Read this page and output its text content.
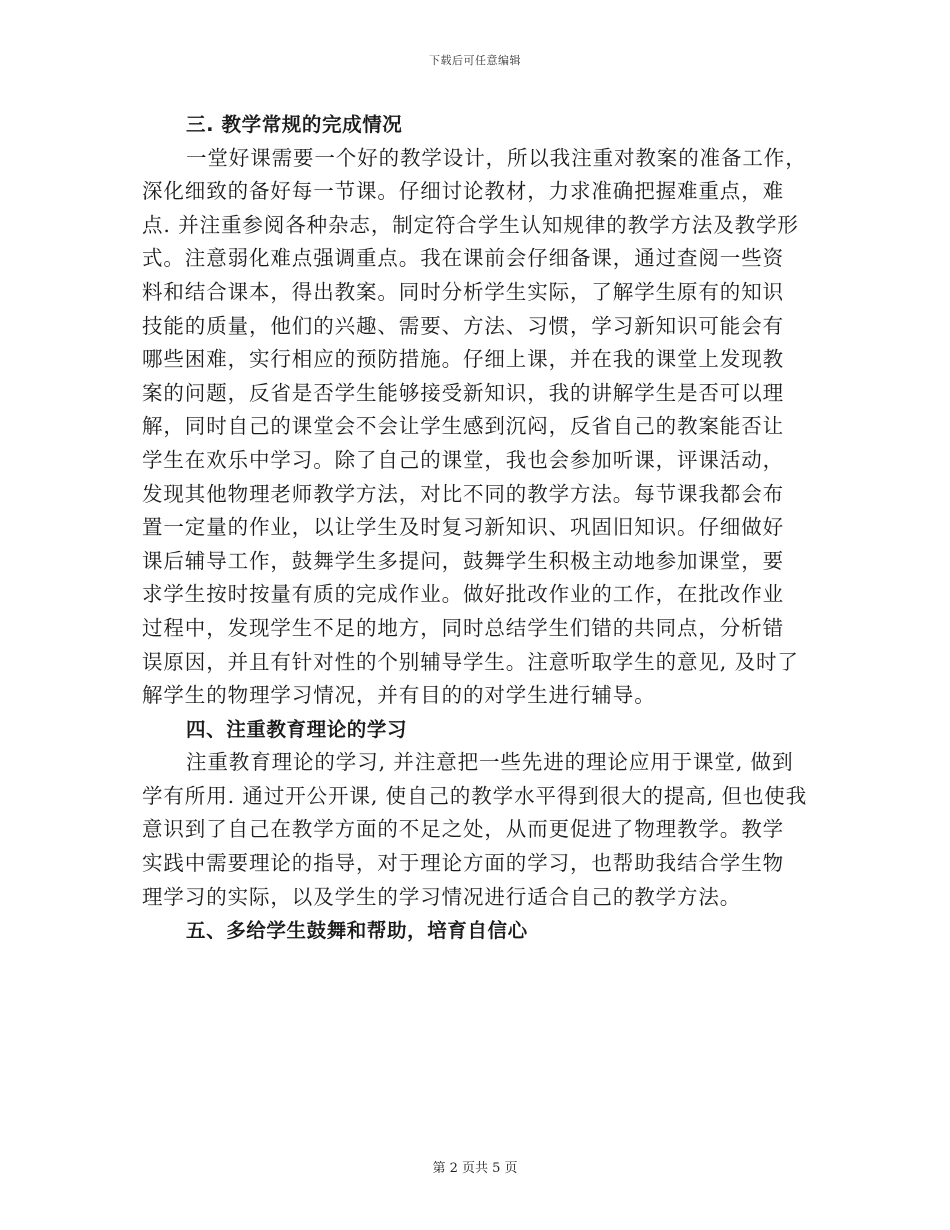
下载后可任意编辑
三. 教学常规的完成情况
一堂好课需要一个好的教学设计，所以我注重对教案的准备工作，
深化细致的备好每一节课。仔细讨论教材，力求准确把握难重点，难
点. 并注重参阅各种杂志，制定符合学生认知规律的教学方法及教学形
式。注意弱化难点强调重点。我在课前会仔细备课，通过查阅一些资
料和结合课本，得出教案。同时分析学生实际，了解学生原有的知识
技能的质量，他们的兴趣、需要、方法、习惯，学习新知识可能会有
哪些困难，实行相应的预防措施。仔细上课，并在我的课堂上发现教
案的问题，反省是否学生能够接受新知识，我的讲解学生是否可以理
解，同时自己的课堂会不会让学生感到沉闷，反省自己的教案能否让
学生在欢乐中学习。除了自己的课堂，我也会参加听课，评课活动，
发现其他物理老师教学方法，对比不同的教学方法。每节课我都会布
置一定量的作业，以让学生及时复习新知识、巩固旧知识。仔细做好
课后辅导工作，鼓舞学生多提问，鼓舞学生积极主动地参加课堂，要
求学生按时按量有质的完成作业。做好批改作业的工作，在批改作业
过程中，发现学生不足的地方，同时总结学生们错的共同点，分析错
误原因，并且有针对性的个别辅导学生。注意听取学生的意见, 及时了
解学生的物理学习情况，并有目的的对学生进行辅导。
四、注重教育理论的学习
注重教育理论的学习, 并注意把一些先进的理论应用于课堂, 做到
学有所用. 通过开公开课, 使自己的教学水平得到很大的提高, 但也使我
意识到了自己在教学方面的不足之处，从而更促进了物理教学。教学
实践中需要理论的指导，对于理论方面的学习，也帮助我结合学生物
理学习的实际，以及学生的学习情况进行适合自己的教学方法。
五、多给学生鼓舞和帮助，培育自信心
第 2 页共 5 页
